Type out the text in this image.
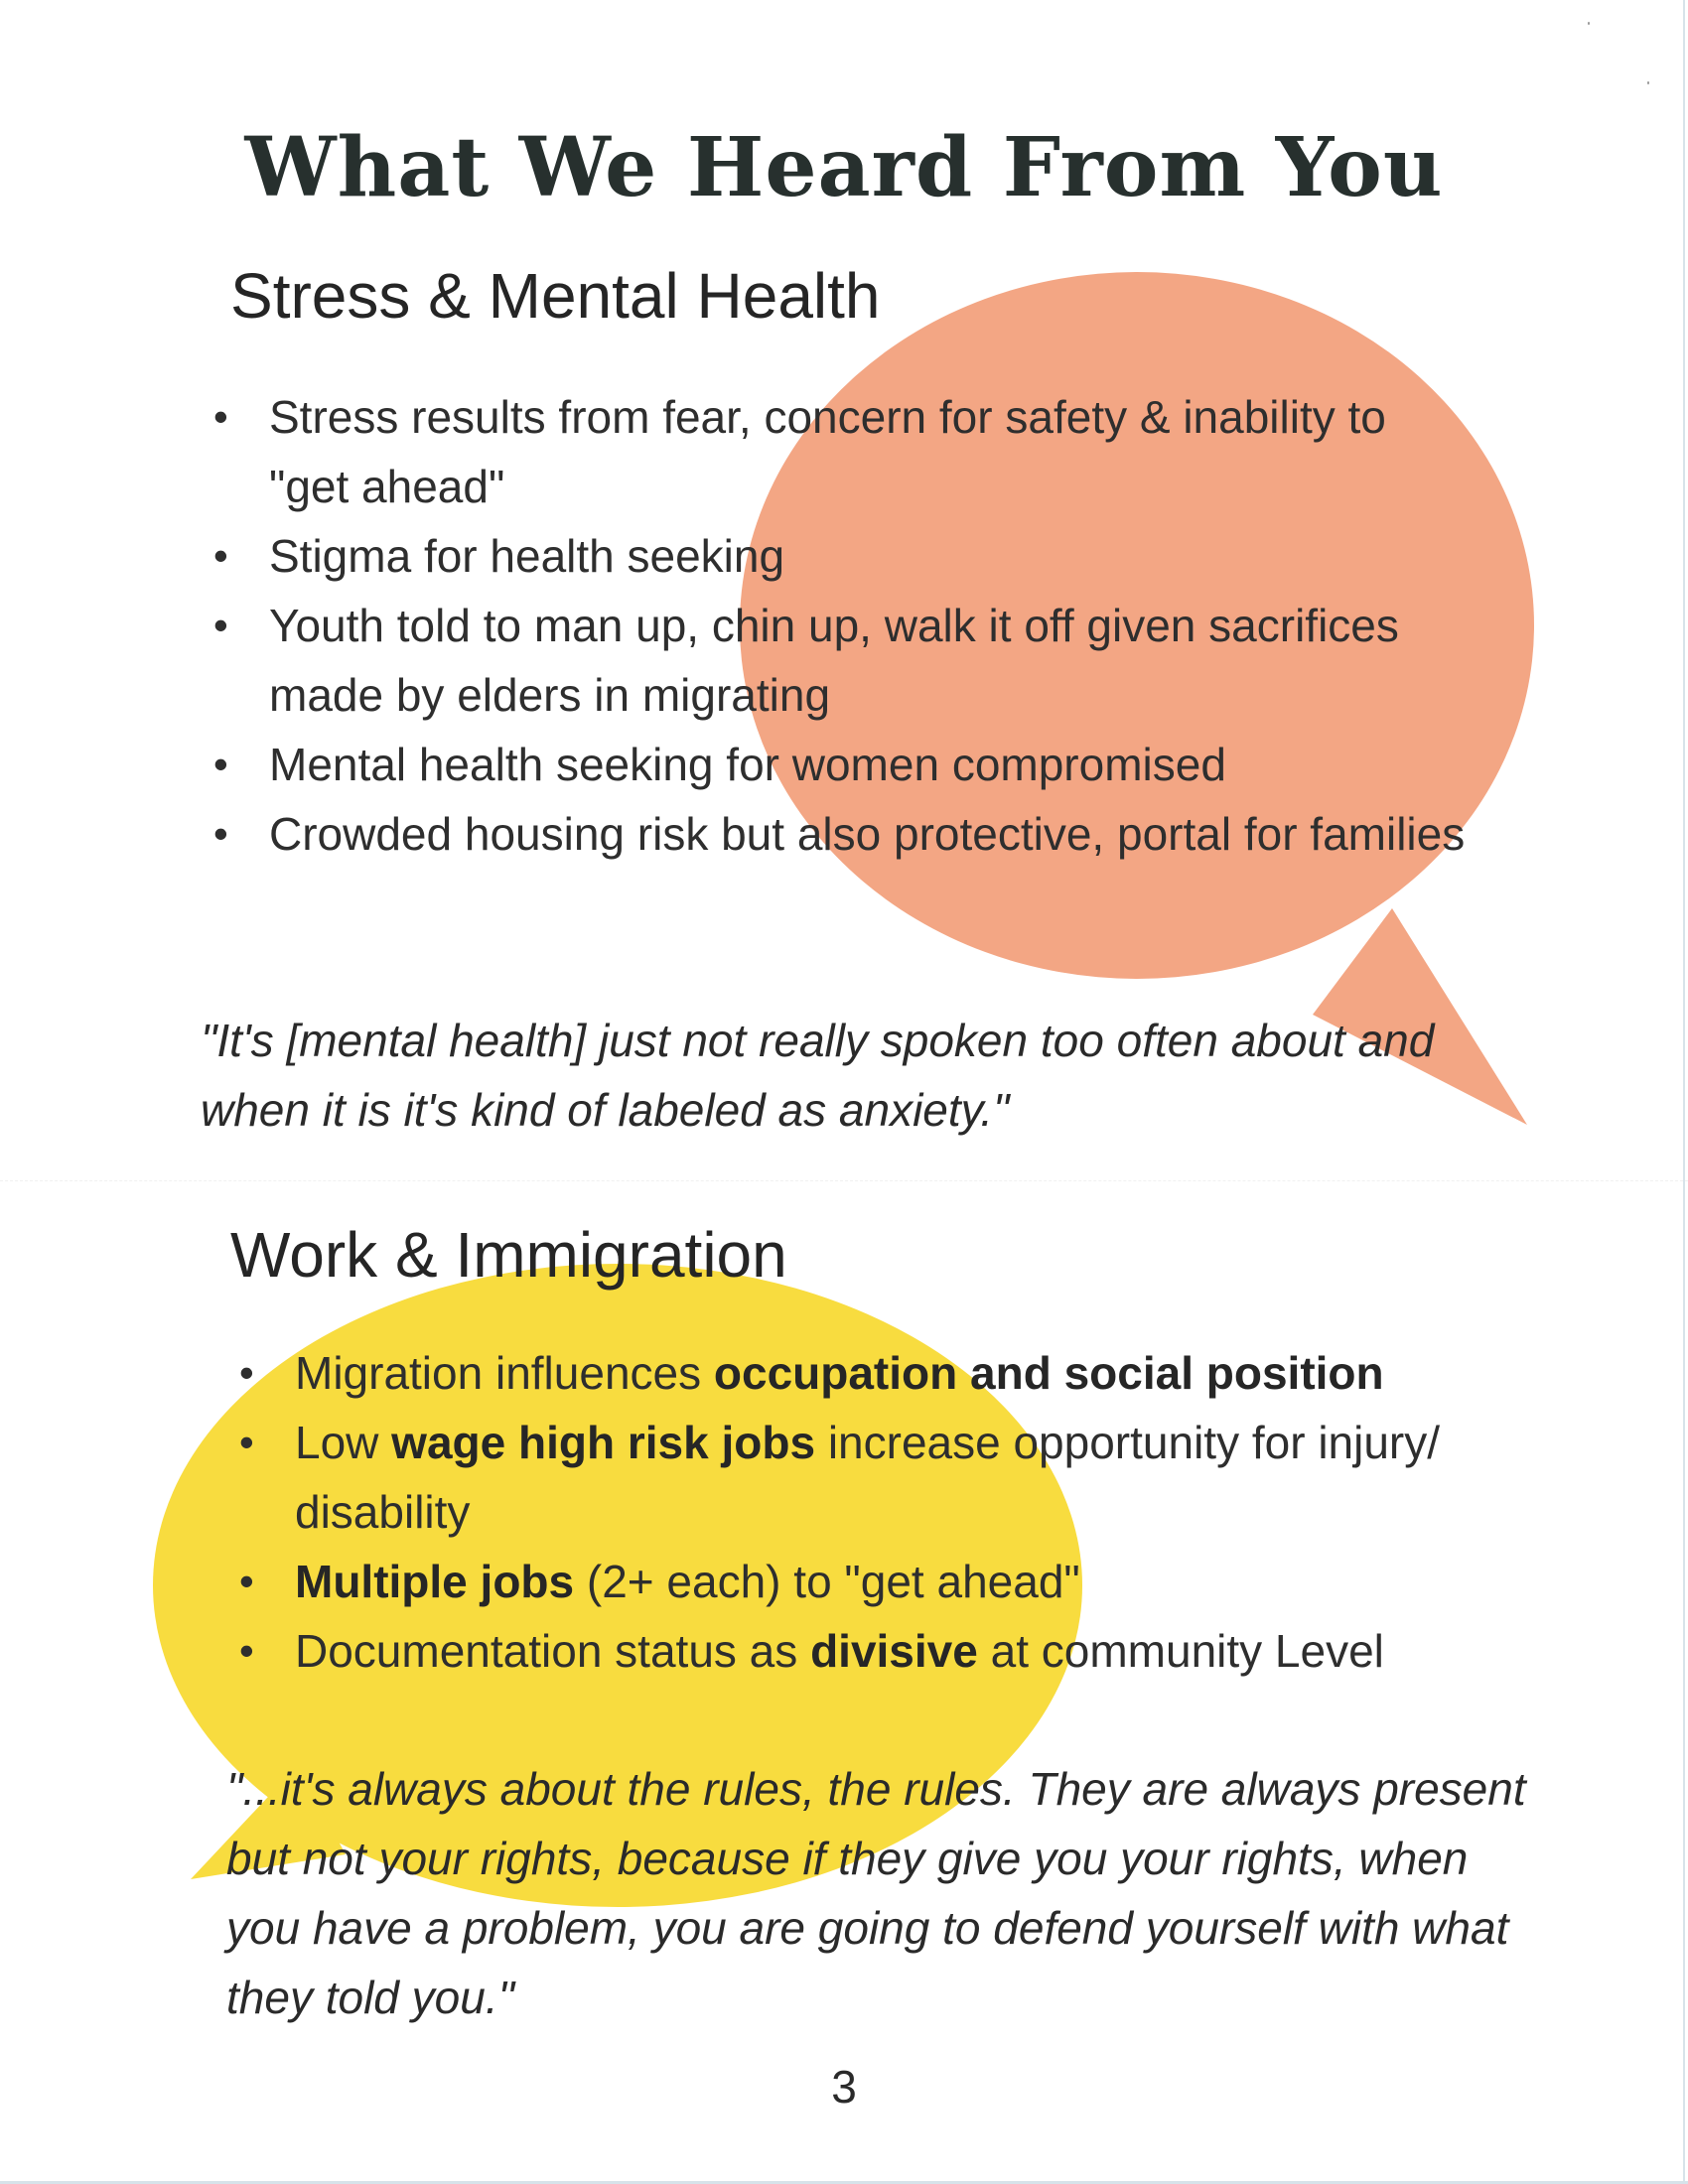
What We Heard From You
Stress & Mental Health
• Stress results from fear, concern for safety & inability to "get ahead"
• Stigma for health seeking
• Youth told to man up, chin up, walk it off given sacrifices made by elders in migrating
• Mental health seeking for women compromised
• Crowded housing risk but also protective, portal for families

"It's [mental health] just not really spoken too often about and when it is it's kind of labeled as anxiety."

Work & Immigration
• Migration influences occupation and social position
• Low wage high risk jobs increase opportunity for injury/ disability
• Multiple jobs (2+ each) to "get ahead"
• Documentation status as divisive at community Level

"...it's always about the rules, the rules. They are always present but not your rights, because if they give you your rights, when you have a problem, you are going to defend yourself with what they told you."

3
